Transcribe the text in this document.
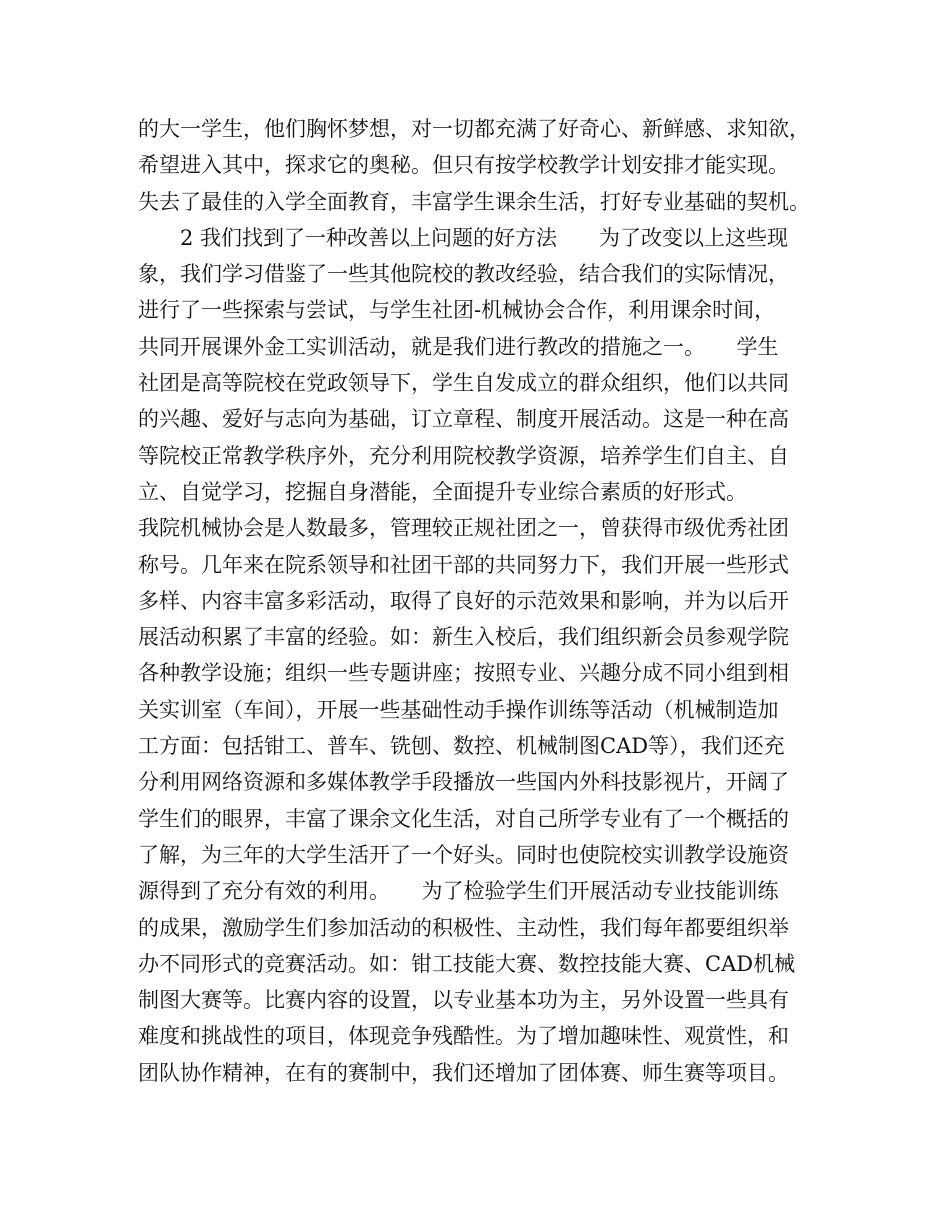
的大一学生，他们胸怀梦想，对一切都充满了好奇心、新鲜感、求知欲，
希望进入其中，探求它的奥秘。但只有按学校教学计划安排才能实现。
失去了最佳的入学全面教育，丰富学生课余生活，打好专业基础的契机。
　　2 我们找到了一种改善以上问题的好方法　　为了改变以上这些现
象，我们学习借鉴了一些其他院校的教改经验，结合我们的实际情况，
进行了一些探索与尝试，与学生社团-机械协会合作，利用课余时间，
共同开展课外金工实训活动，就是我们进行教改的措施之一。　　学生
社团是高等院校在党政领导下，学生自发成立的群众组织，他们以共同
的兴趣、爱好与志向为基础，订立章程、制度开展活动。这是一种在高
等院校正常教学秩序外，充分利用院校教学资源，培养学生们自主、自
立、自觉学习，挖掘自身潜能，全面提升专业综合素质的好形式。
我院机械协会是人数最多，管理较正规社团之一，曾获得市级优秀社团
称号。几年来在院系领导和社团干部的共同努力下，我们开展一些形式
多样、内容丰富多彩活动，取得了良好的示范效果和影响，并为以后开
展活动积累了丰富的经验。如：新生入校后，我们组织新会员参观学院
各种教学设施；组织一些专题讲座；按照专业、兴趣分成不同小组到相
关实训室（车间），开展一些基础性动手操作训练等活动（机械制造加
工方面：包括钳工、普车、铣刨、数控、机械制图CAD等），我们还充
分利用网络资源和多媒体教学手段播放一些国内外科技影视片，开阔了
学生们的眼界，丰富了课余文化生活，对自己所学专业有了一个概括的
了解，为三年的大学生活开了一个好头。同时也使院校实训教学设施资
源得到了充分有效的利用。　　为了检验学生们开展活动专业技能训练
的成果，激励学生们参加活动的积极性、主动性，我们每年都要组织举
办不同形式的竞赛活动。如：钳工技能大赛、数控技能大赛、CAD机械
制图大赛等。比赛内容的设置，以专业基本功为主，另外设置一些具有
难度和挑战性的项目，体现竞争残酷性。为了增加趣味性、观赏性，和
团队协作精神，在有的赛制中，我们还增加了团体赛、师生赛等项目。
